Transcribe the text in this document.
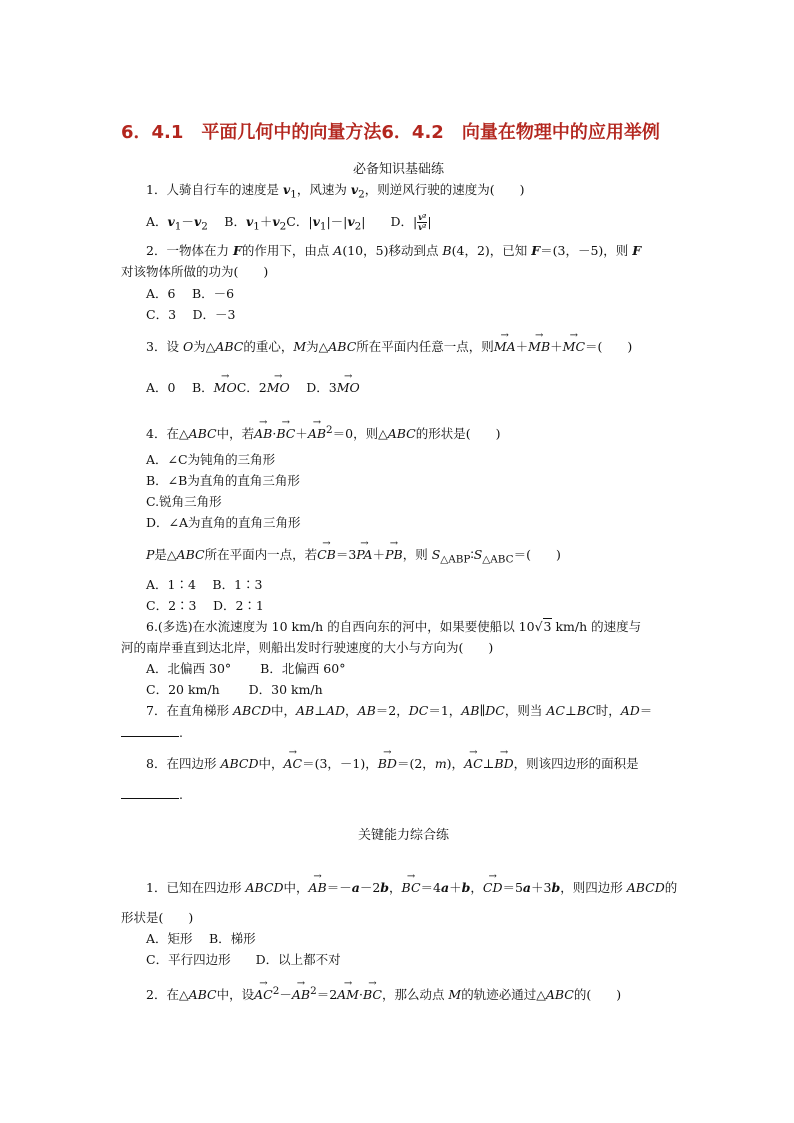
6．4.1　平面几何中的向量方法6．4.2　向量在物理中的应用举例
必备知识基础练
1．人骑自行车的速度是 $v_1$，风速为 $v_2$，则逆风行驶的速度为(　　)
A．$v_1-v_2$　 B．$v_1+v_2C$．$|v_1|-|v_2|$　　D．| $\frac{\text{v²}}{\text{v²}}$ |
2．一物体在力 F的作用下，由点 A(10，5)移动到点 B(4，2)，已知 F＝(3，－5)，则 F
对该物体所做的功为(　　)
A．6　 B．－6
C．3　 D．－3
3．设 O为△ABC的重心，M为△ABC所在平面内任意一点，则→ MA＋→ MB＋→ MC＝(　　)
A．0　 B．→ MOC．2→ MO　 D．3→ MO
4．在△ABC中，若→ $AB\cdot\to BC+\to AB^2=0$，则△ABC的形状是(　　)
A．∠C为钝角的三角形
B．∠B为直角的直角三角形
C.锐角三角形
D．∠A为直角的直角三角形
P是△ABC所在平面内一点，若→ CB＝3→ PA＋→ PB，则 $S_{\triangle ABP}∶S_{\triangle ABC}=$(　　)
A．1∶4　 B．1∶3
C．2∶3　 D．2∶1
6.(多选)在水流速度为 10 km/h 的自西向东的河中，如果要使船以 10√3 km/h 的速度与
河的南岸垂直到达北岸，则船出发时行驶速度的大小与方向为(　　)
A．北偏西 30°　　 B．北偏西 60°
C．20 km/h　　 D．30 km/h
7．在直角梯形 ABCD中，AB⊥AD，AB＝2，DC＝1，AB∥DC，则当 AC⊥BC时，AD＝
.
8．在四边形 ABCD中，→ AC＝(3，－1)，→ BD＝(2，m)，→ AC⊥→ BD，则该四边形的面积是
.
关键能力综合练
1．已知在四边形 ABCD中，→ AB＝－a－2b，→ BC＝4a＋b，→ CD＝5a＋3b，则四边形 ABCD的
形状是(　　)
A．矩形　 B．梯形
C．平行四边形　　D．以上都不对
2．在△ABC中，设→ $AC^2-\to AB^2=2\to AM\cdot\to$ BC，那么动点 M的轨迹必通过△ABC的(　　)
